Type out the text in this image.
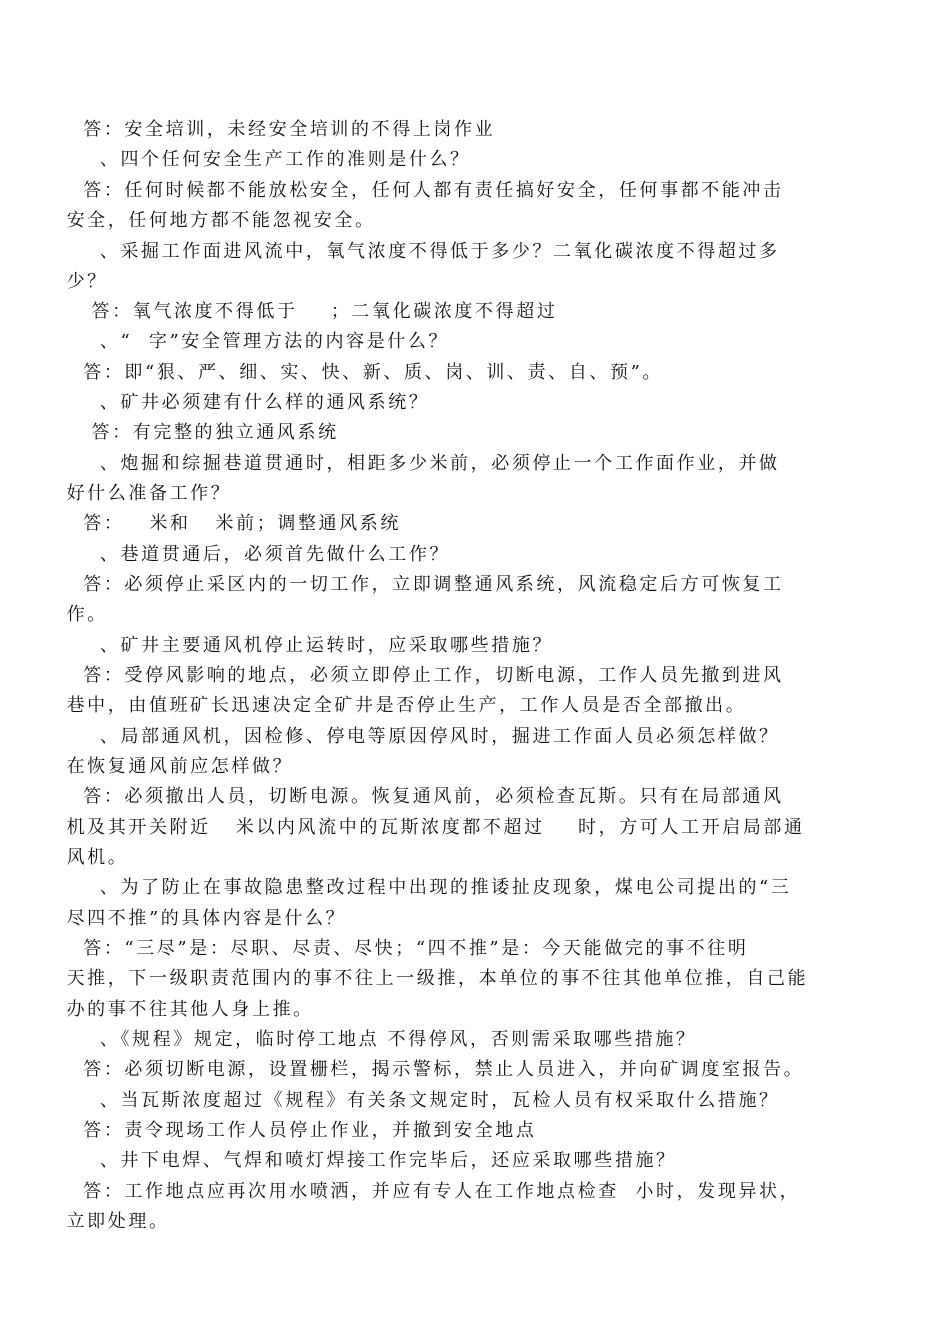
答：安全培训，未经安全培训的不得上岗作业
、四个任何安全生产工作的准则是什么？
答：任何时候都不能放松安全，任何人都有责任搞好安全，任何事都不能冲击
安全，任何地方都不能忽视安全。
、采掘工作面进风流中，氧气浓度不得低于多少？二氧化碳浓度不得超过多
少？
答：氧气浓度不得低于    ；二氧化碳浓度不得超过
、“  字”安全管理方法的内容是什么？
答：即“狠、严、细、实、快、新、质、岗、训、责、自、预”。
、矿井必须建有什么样的通风系统？
答：有完整的独立通风系统
、炮掘和综掘巷道贯通时，相距多少米前，必须停止一个工作面作业，并做
好什么准备工作？
答：   米和   米前；调整通风系统
、巷道贯通后，必须首先做什么工作？
答：必须停止采区内的一切工作，立即调整通风系统，风流稳定后方可恢复工
作。
、矿井主要通风机停止运转时，应采取哪些措施？
答：受停风影响的地点，必须立即停止工作，切断电源，工作人员先撤到进风
巷中，由值班矿长迅速决定全矿井是否停止生产，工作人员是否全部撤出。
、局部通风机，因检修、停电等原因停风时，掘进工作面人员必须怎样做？
在恢复通风前应怎样做？
答：必须撤出人员，切断电源。恢复通风前，必须检查瓦斯。只有在局部通风
机及其开关附近   米以内风流中的瓦斯浓度都不超过    时，方可人工开启局部通
风机。
、为了防止在事故隐患整改过程中出现的推诿扯皮现象，煤电公司提出的“三
尽四不推”的具体内容是什么？
答：“三尽”是：尽职、尽责、尽快；“四不推”是：今天能做完的事不往明
天推，下一级职责范围内的事不往上一级推，本单位的事不往其他单位推，自己能
办的事不往其他人身上推。
、《规程》规定，临时停工地点 不得停风，否则需采取哪些措施？
答：必须切断电源，设置栅栏，揭示警标，禁止人员进入，并向矿调度室报告。
、当瓦斯浓度超过《规程》有关条文规定时，瓦检人员有权采取什么措施？
答：责令现场工作人员停止作业，并撤到安全地点
、井下电焊、气焊和喷灯焊接工作完毕后，还应采取哪些措施？
答：工作地点应再次用水喷洒，并应有专人在工作地点检查  小时，发现异状，
立即处理。
